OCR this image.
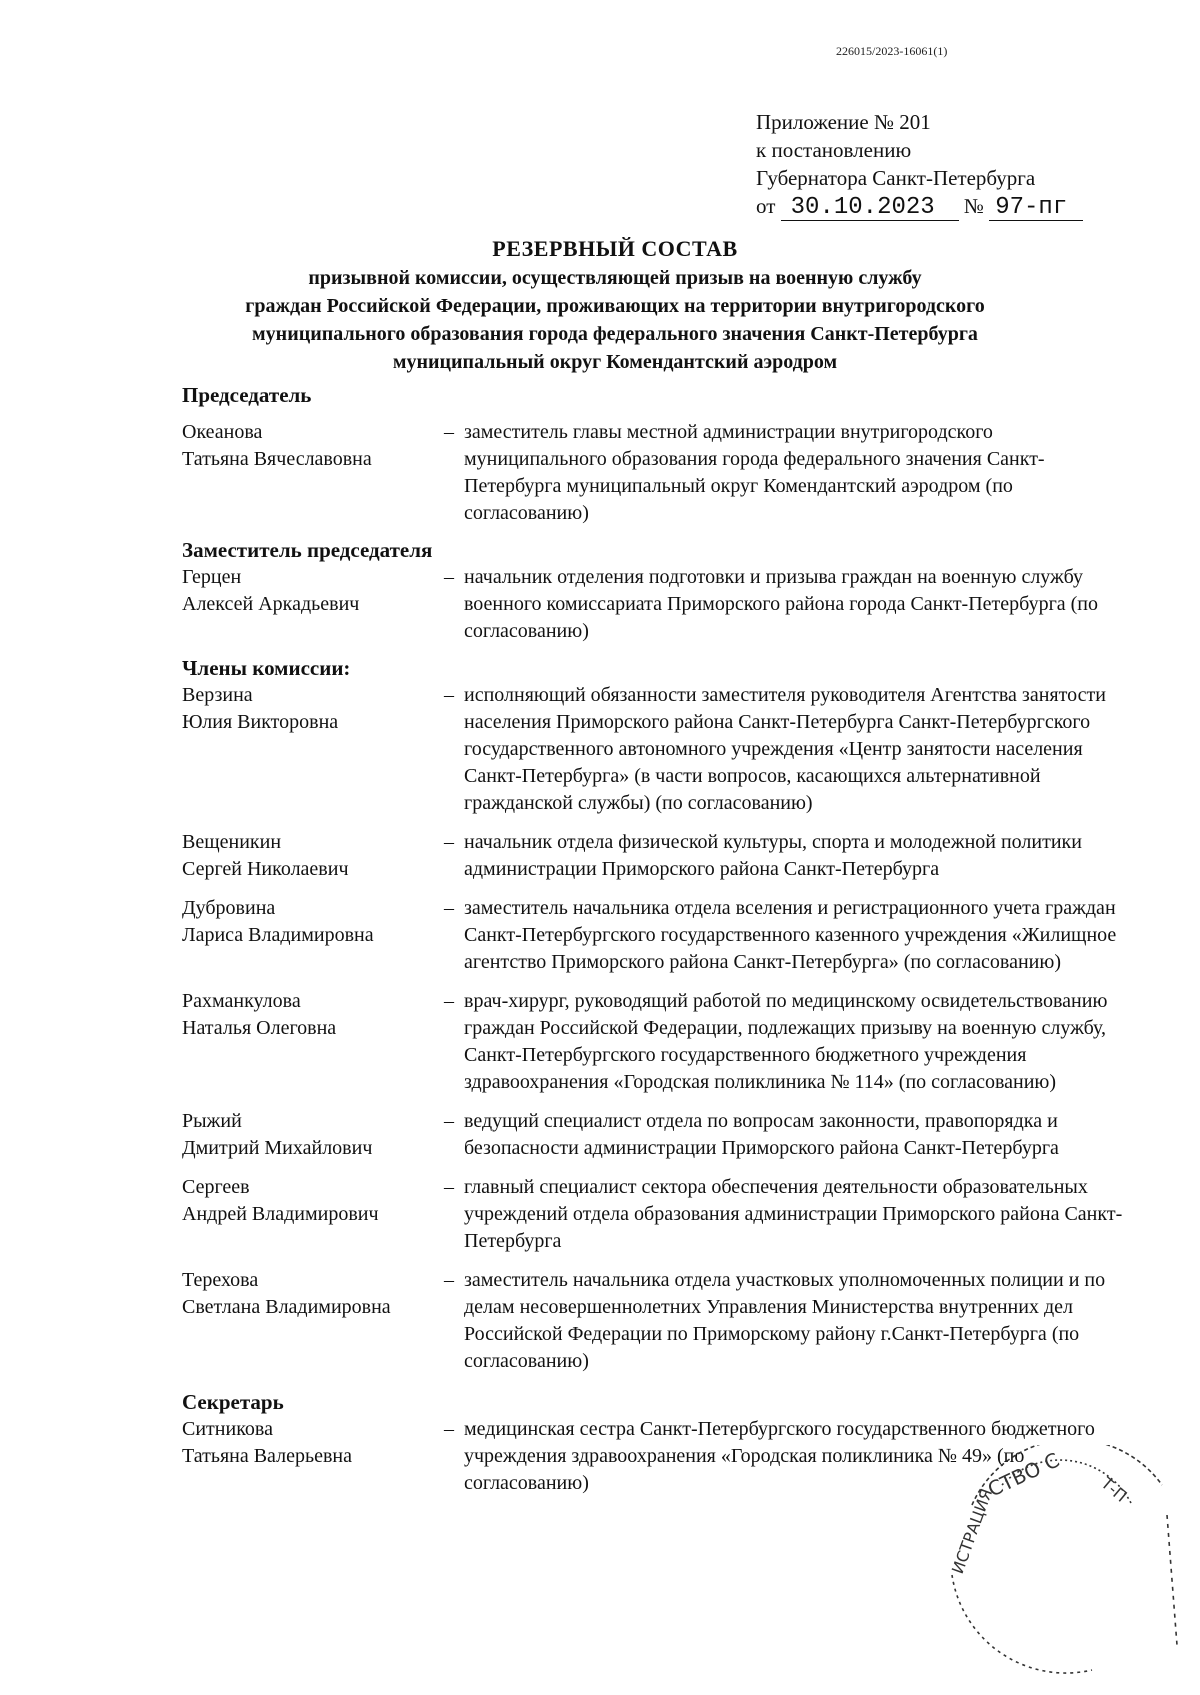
226015/2023-16061(1)
Приложение № 201
к постановлению
Губернатора Санкт-Петербурга
от 30.10.2023 № 97-пг
РЕЗЕРВНЫЙ СОСТАВ
призывной комиссии, осуществляющей призыв на военную службу
граждан Российской Федерации, проживающих на территории внутригородского
муниципального образования города федерального значения Санкт-Петербурга
муниципальный округ Комендантский аэродром
Председатель
Океанова
Татьяна Вячеславовна
– заместитель главы местной администрации внутригородского муниципального образования города федерального значения Санкт-Петербурга муниципальный округ Комендантский аэродром (по согласованию)
Заместитель председателя
Герцен
Алексей Аркадьевич
– начальник отделения подготовки и призыва граждан на военную службу военного комиссариата Приморского района города Санкт-Петербурга (по согласованию)
Члены комиссии:
Верзина
Юлия Викторовна
– исполняющий обязанности заместителя руководителя Агентства занятости населения Приморского района Санкт-Петербурга Санкт-Петербургского государственного автономного учреждения «Центр занятости населения Санкт-Петербурга» (в части вопросов, касающихся альтернативной гражданской службы) (по согласованию)
Вещеникин
Сергей Николаевич
– начальник отдела физической культуры, спорта и молодежной политики администрации Приморского района Санкт-Петербурга
Дубровина
Лариса Владимировна
– заместитель начальника отдела вселения и регистрационного учета граждан Санкт-Петербургского государственного казенного учреждения «Жилищное агентство Приморского района Санкт-Петербурга» (по согласованию)
Рахманкулова
Наталья Олеговна
– врач-хирург, руководящий работой по медицинскому освидетельствованию граждан Российской Федерации, подлежащих призыву на военную службу, Санкт-Петербургского государственного бюджетного учреждения здравоохранения «Городская поликлиника № 114» (по согласованию)
Рыжий
Дмитрий Михайлович
– ведущий специалист отдела по вопросам законности, правопорядка и безопасности администрации Приморского района Санкт-Петербурга
Сергеев
Андрей Владимирович
– главный специалист сектора обеспечения деятельности образовательных учреждений отдела образования администрации Приморского района Санкт-Петербурга
Терехова
Светлана Владимировна
– заместитель начальника отдела участковых уполномоченных полиции и по делам несовершеннолетних Управления Министерства внутренних дел Российской Федерации по Приморскому району г.Санкт-Петербурга (по согласованию)
Секретарь
Ситникова
Татьяна Валерьевна
– медицинская сестра Санкт-Петербургского государственного бюджетного учреждения здравоохранения «Городская поликлиника № 49» (по согласованию)	СТВО С
ИСТРАЦИЯ	Т-П
